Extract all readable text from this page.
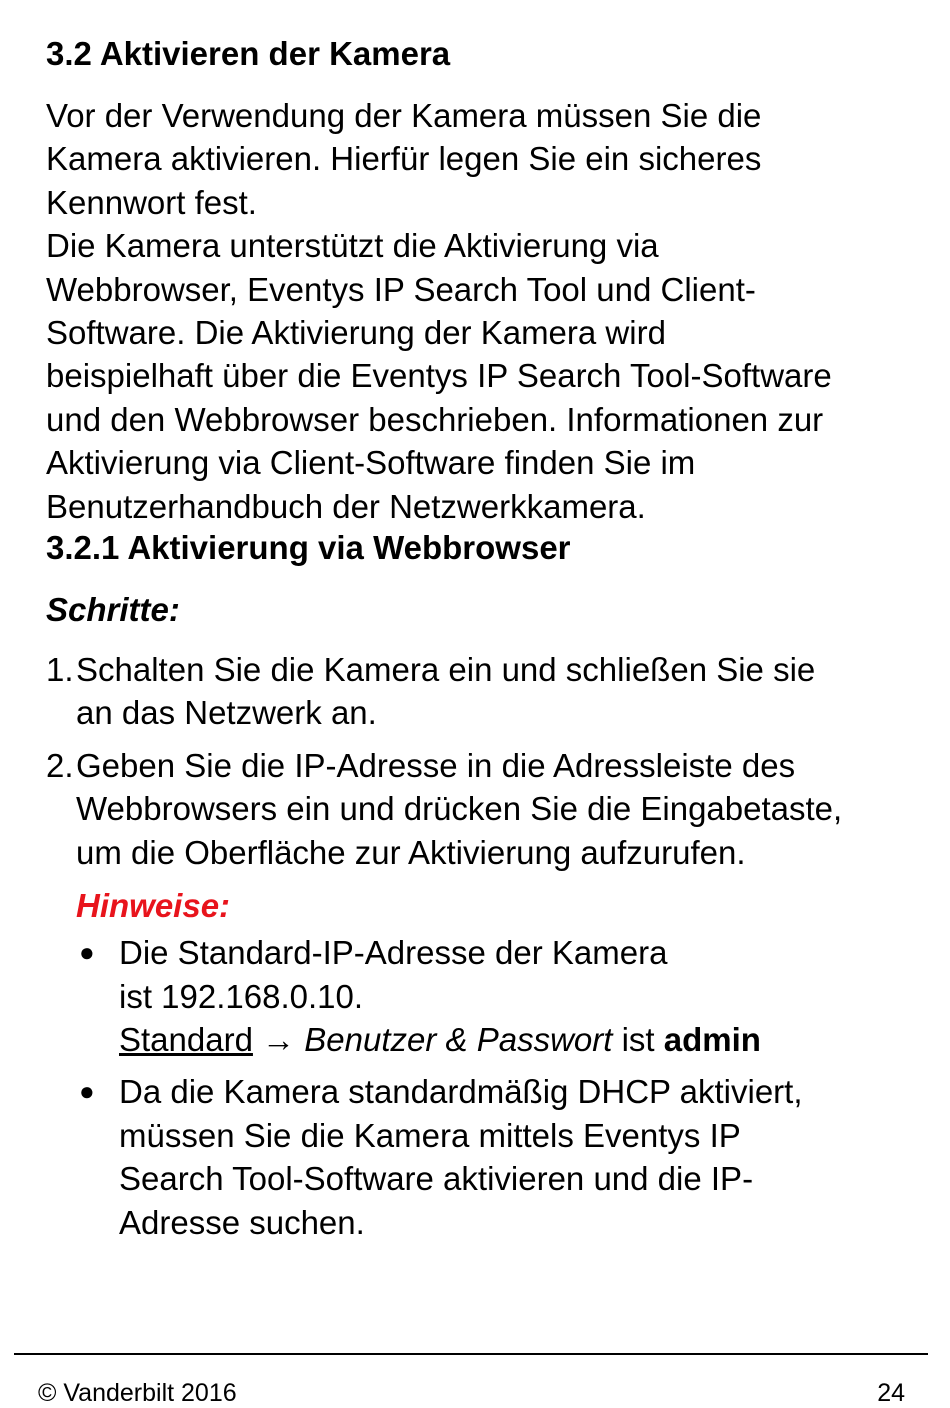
3.2 Aktivieren der Kamera
Vor der Verwendung der Kamera müssen Sie die
Kamera aktivieren. Hierfür legen Sie ein sicheres
Kennwort fest.
Die Kamera unterstützt die Aktivierung via
Webbrowser, Eventys IP Search Tool und Client-
Software. Die Aktivierung der Kamera wird
beispielhaft über die Eventys IP Search Tool-Software
und den Webbrowser beschrieben. Informationen zur
Aktivierung via Client-Software finden Sie im
Benutzerhandbuch der Netzwerkkamera.
3.2.1 Aktivierung via Webbrowser
Schritte:
1. Schalten Sie die Kamera ein und schließen Sie sie
an das Netzwerk an.
2. Geben Sie die IP-Adresse in die Adressleiste des
Webbrowsers ein und drücken Sie die Eingabetaste,
um die Oberfläche zur Aktivierung aufzurufen.
Hinweise:
● Die Standard-IP-Adresse der Kamera
ist 192.168.0.10.
Standard → Benutzer & Passwort ist admin
● Da die Kamera standardmäßig DHCP aktiviert,
müssen Sie die Kamera mittels Eventys IP
Search Tool-Software aktivieren und die IP-
Adresse suchen.
© Vanderbilt 2016	24
